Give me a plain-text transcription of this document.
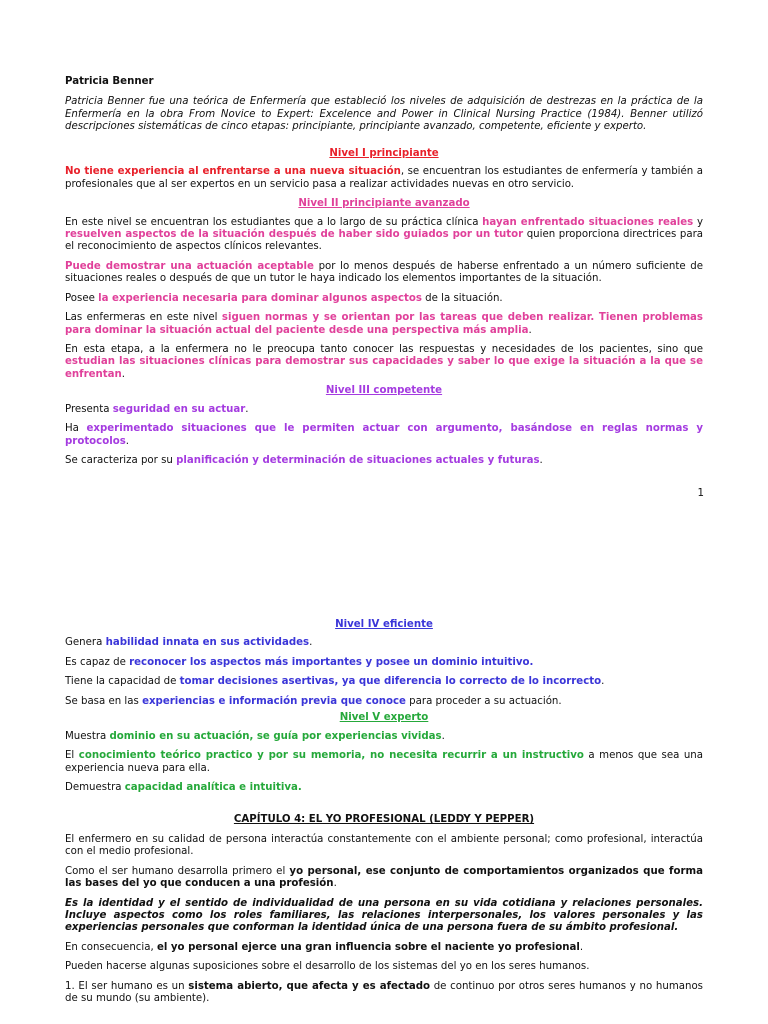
Patricia Benner

Patricia Benner fue una teórica de Enfermería que estableció los niveles de adquisición de destrezas en la práctica de la Enfermería en la obra From Novice to Expert: Excelence and Power in Clinical Nursing Practice (1984). Benner utilizó descripciones sistemáticas de cinco etapas: principiante, principiante avanzado, competente, eficiente y experto.

Nivel I principiante

No tiene experiencia al enfrentarse a una nueva situación, se encuentran los estudiantes de enfermería y también a profesionales que al ser expertos en un servicio pasa a realizar actividades nuevas en otro servicio.

Nivel II principiante avanzado

En este nivel se encuentran los estudiantes que a lo largo de su práctica clínica hayan enfrentado situaciones reales y resuelven aspectos de la situación después de haber sido guiados por un tutor quien proporciona directrices para el reconocimiento de aspectos clínicos relevantes.

Puede demostrar una actuación aceptable por lo menos después de haberse enfrentado a un número suficiente de situaciones reales o después de que un tutor le haya indicado los elementos importantes de la situación.

Posee la experiencia necesaria para dominar algunos aspectos de la situación.

Las enfermeras en este nivel siguen normas y se orientan por las tareas que deben realizar. Tienen problemas para dominar la situación actual del paciente desde una perspectiva más amplia.

En esta etapa, a la enfermera no le preocupa tanto conocer las respuestas y necesidades de los pacientes, sino que estudian las situaciones clínicas para demostrar sus capacidades y saber lo que exige la situación a la que se enfrentan.

Nivel III competente

Presenta seguridad en su actuar.

Ha experimentado situaciones que le permiten actuar con argumento, basándose en reglas normas y protocolos.

Se caracteriza por su planificación y determinación de situaciones actuales y futuras.

1

Nivel IV eficiente

Genera habilidad innata en sus actividades.

Es capaz de reconocer los aspectos más importantes y posee un dominio intuitivo.

Tiene la capacidad de tomar decisiones asertivas, ya que diferencia lo correcto de lo incorrecto.

Se basa en las experiencias e información previa que conoce para proceder a su actuación.

Nivel V experto

Muestra dominio en su actuación, se guía por experiencias vividas.

El conocimiento teórico practico y por su memoria, no necesita recurrir a un instructivo a menos que sea una experiencia nueva para ella.

Demuestra capacidad analítica e intuitiva.

CAPÍTULO 4: EL YO PROFESIONAL (LEDDY Y PEPPER)

El enfermero en su calidad de persona interactúa constantemente con el ambiente personal; como profesional, interactúa con el medio profesional.

Como el ser humano desarrolla primero el yo personal, ese conjunto de comportamientos organizados que forma las bases del yo que conducen a una profesión.

Es la identidad y el sentido de individualidad de una persona en su vida cotidiana y relaciones personales. Incluye aspectos como los roles familiares, las relaciones interpersonales, los valores personales y las experiencias personales que conforman la identidad única de una persona fuera de su ámbito profesional.

En consecuencia, el yo personal ejerce una gran influencia sobre el naciente yo profesional.

Pueden hacerse algunas suposiciones sobre el desarrollo de los sistemas del yo en los seres humanos.

1. El ser humano es un sistema abierto, que afecta y es afectado de continuo por otros seres humanos y no humanos de su mundo (su ambiente).
